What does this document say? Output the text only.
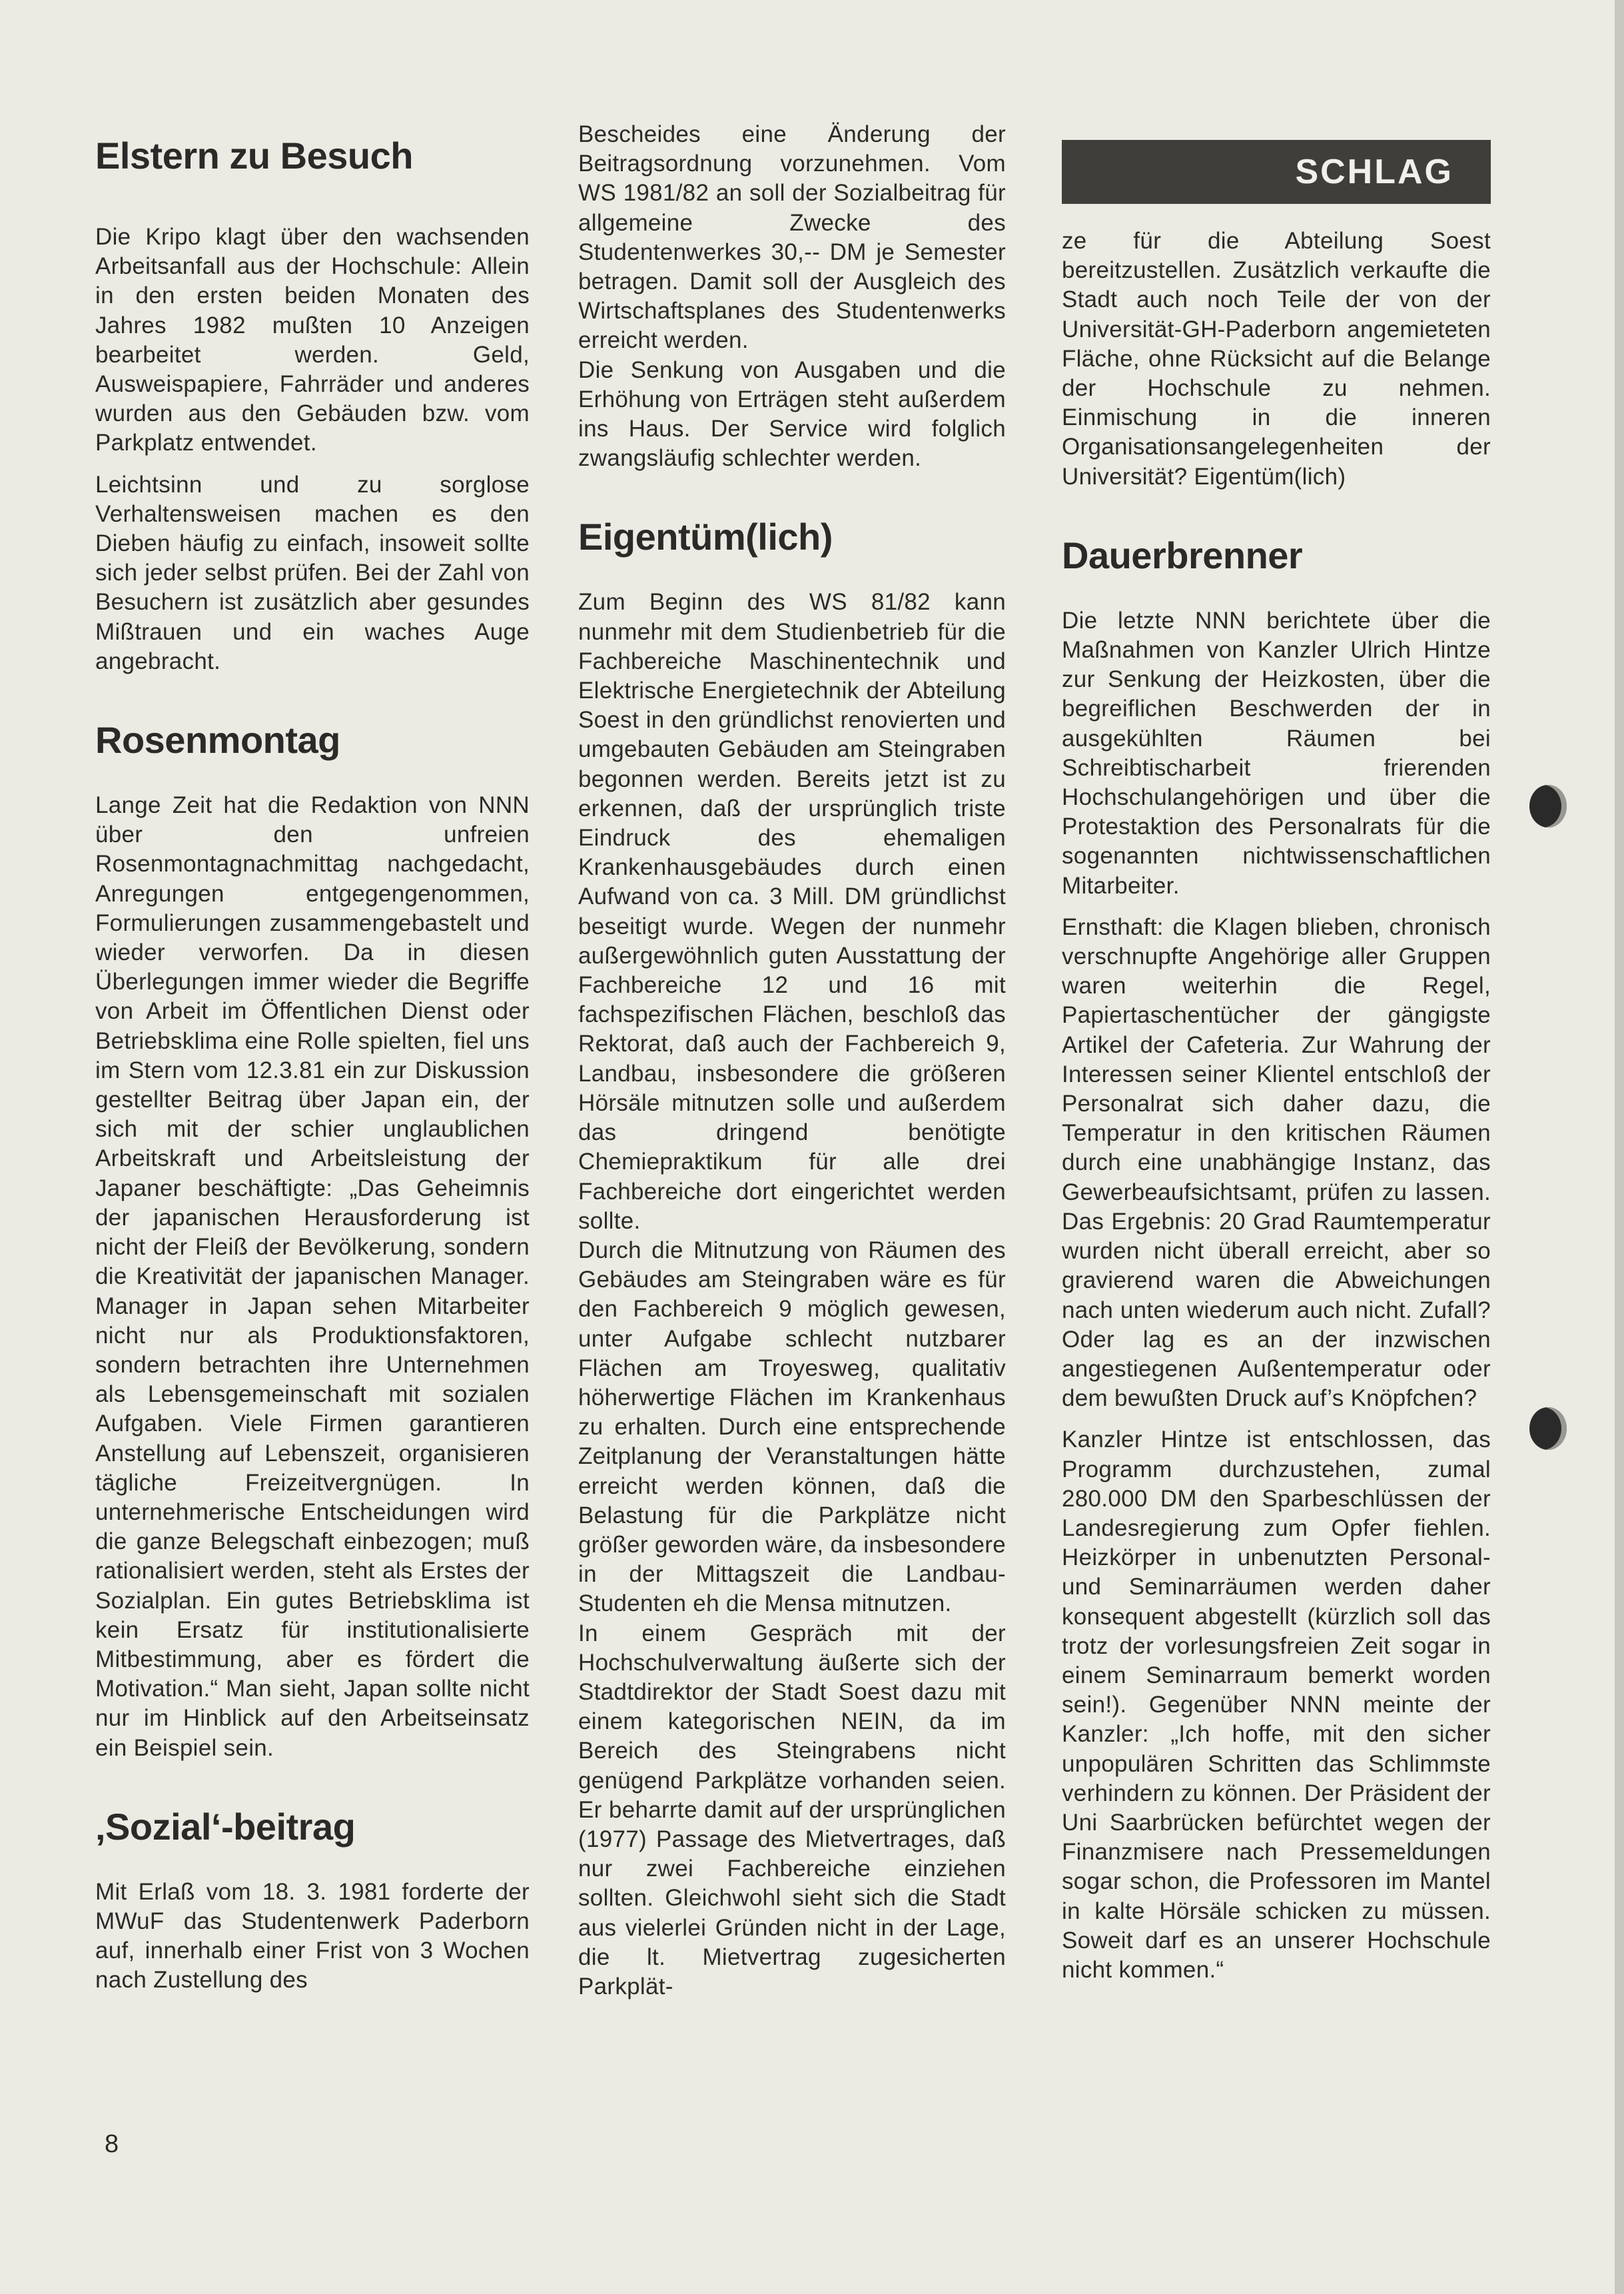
Elstern zu Besuch

Die Kripo klagt über den wachsenden Arbeitsanfall aus der Hochschule: Allein in den ersten beiden Monaten des Jahres 1982 mußten 10 Anzeigen bearbeitet werden. Geld, Ausweispapiere, Fahrräder und anderes wurden aus den Gebäuden bzw. vom Parkplatz entwendet.

Leichtsinn und zu sorglose Verhaltensweisen machen es den Dieben häufig zu einfach, insoweit sollte sich jeder selbst prüfen. Bei der Zahl von Besuchern ist zusätzlich aber gesundes Mißtrauen und ein waches Auge angebracht.

Rosenmontag

Lange Zeit hat die Redaktion von NNN über den unfreien Rosenmontagnachmittag nachgedacht, Anregungen entgegengenommen, Formulierungen zusammengebastelt und wieder verworfen. Da in diesen Überlegungen immer wieder die Begriffe von Arbeit im Öffentlichen Dienst oder Betriebsklima eine Rolle spielten, fiel uns im Stern vom 12.3.81 ein zur Diskussion gestellter Beitrag über Japan ein, der sich mit der schier unglaublichen Arbeitskraft und Arbeitsleistung der Japaner beschäftigte: „Das Geheimnis der japanischen Herausforderung ist nicht der Fleiß der Bevölkerung, sondern die Kreativität der japanischen Manager. Manager in Japan sehen Mitarbeiter nicht nur als Produktionsfaktoren, sondern betrachten ihre Unternehmen als Lebensgemeinschaft mit sozialen Aufgaben. Viele Firmen garantieren Anstellung auf Lebenszeit, organisieren tägliche Freizeitvergnügen. In unternehmerische Entscheidungen wird die ganze Belegschaft einbezogen; muß rationalisiert werden, steht als Erstes der Sozialplan. Ein gutes Betriebsklima ist kein Ersatz für institutionalisierte Mitbestimmung, aber es fördert die Motivation.“ Man sieht, Japan sollte nicht nur im Hinblick auf den Arbeitseinsatz ein Beispiel sein.

‚Sozial‘-beitrag

Mit Erlaß vom 18. 3. 1981 forderte der MWuF das Studentenwerk Paderborn auf, innerhalb einer Frist von 3 Wochen nach Zustellung des

Bescheides eine Änderung der Beitragsordnung vorzunehmen. Vom WS 1981/82 an soll der Sozialbeitrag für allgemeine Zwecke des Studentenwerkes 30,-- DM je Semester betragen. Damit soll der Ausgleich des Wirtschaftsplanes des Studentenwerks erreicht werden.

Die Senkung von Ausgaben und die Erhöhung von Erträgen steht außerdem ins Haus. Der Service wird folglich zwangsläufig schlechter werden.

Eigentüm(lich)

Zum Beginn des WS 81/82 kann nunmehr mit dem Studienbetrieb für die Fachbereiche Maschinentechnik und Elektrische Energietechnik der Abteilung Soest in den gründlichst renovierten und umgebauten Gebäuden am Steingraben begonnen werden. Bereits jetzt ist zu erkennen, daß der ursprünglich triste Eindruck des ehemaligen Krankenhausgebäudes durch einen Aufwand von ca. 3 Mill. DM gründlichst beseitigt wurde. Wegen der nunmehr außergewöhnlich guten Ausstattung der Fachbereiche 12 und 16 mit fachspezifischen Flächen, beschloß das Rektorat, daß auch der Fachbereich 9, Landbau, insbesondere die größeren Hörsäle mitnutzen solle und außerdem das dringend benötigte Chemiepraktikum für alle drei Fachbereiche dort eingerichtet werden sollte.

Durch die Mitnutzung von Räumen des Gebäudes am Steingraben wäre es für den Fachbereich 9 möglich gewesen, unter Aufgabe schlecht nutzbarer Flächen am Troyesweg, qualitativ höherwertige Flächen im Krankenhaus zu erhalten. Durch eine entsprechende Zeitplanung der Veranstaltungen hätte erreicht werden können, daß die Belastung für die Parkplätze nicht größer geworden wäre, da insbesondere in der Mittagszeit die Landbau-Studenten eh die Mensa mitnutzen.

In einem Gespräch mit der Hochschulverwaltung äußerte sich der Stadtdirektor der Stadt Soest dazu mit einem kategorischen NEIN, da im Bereich des Steingrabens nicht genügend Parkplätze vorhanden seien. Er beharrte damit auf der ursprünglichen (1977) Passage des Mietvertrages, daß nur zwei Fachbereiche einziehen sollten. Gleichwohl sieht sich die Stadt aus vielerlei Gründen nicht in der Lage, die lt. Mietvertrag zugesicherten Parkplät-

SCHLAG

ze für die Abteilung Soest bereitzustellen. Zusätzlich verkaufte die Stadt auch noch Teile der von der Universität-GH-Paderborn angemieteten Fläche, ohne Rücksicht auf die Belange der Hochschule zu nehmen. Einmischung in die inneren Organisationsangelegenheiten der Universität? Eigentüm(lich)

Dauerbrenner

Die letzte NNN berichtete über die Maßnahmen von Kanzler Ulrich Hintze zur Senkung der Heizkosten, über die begreiflichen Beschwerden der in ausgekühlten Räumen bei Schreibtischarbeit frierenden Hochschulangehörigen und über die Protestaktion des Personalrats für die sogenannten nichtwissenschaftlichen Mitarbeiter.

Ernsthaft: die Klagen blieben, chronisch verschnupfte Angehörige aller Gruppen waren weiterhin die Regel, Papiertaschentücher der gängigste Artikel der Cafeteria. Zur Wahrung der Interessen seiner Klientel entschloß der Personalrat sich daher dazu, die Temperatur in den kritischen Räumen durch eine unabhängige Instanz, das Gewerbeaufsichtsamt, prüfen zu lassen. Das Ergebnis: 20 Grad Raumtemperatur wurden nicht überall erreicht, aber so gravierend waren die Abweichungen nach unten wiederum auch nicht. Zufall? Oder lag es an der inzwischen angestiegenen Außentemperatur oder dem bewußten Druck auf’s Knöpfchen?

Kanzler Hintze ist entschlossen, das Programm durchzustehen, zumal 280.000 DM den Sparbeschlüssen der Landesregierung zum Opfer fiehlen. Heizkörper in unbenutzten Personal- und Seminarräumen werden daher konsequent abgestellt (kürzlich soll das trotz der vorlesungsfreien Zeit sogar in einem Seminarraum bemerkt worden sein!). Gegenüber NNN meinte der Kanzler: „Ich hoffe, mit den sicher unpopulären Schritten das Schlimmste verhindern zu können. Der Präsident der Uni Saarbrücken befürchtet wegen der Finanzmisere nach Pressemeldungen sogar schon, die Professoren im Mantel in kalte Hörsäle schicken zu müssen. Soweit darf es an unserer Hochschule nicht kommen.“

8
